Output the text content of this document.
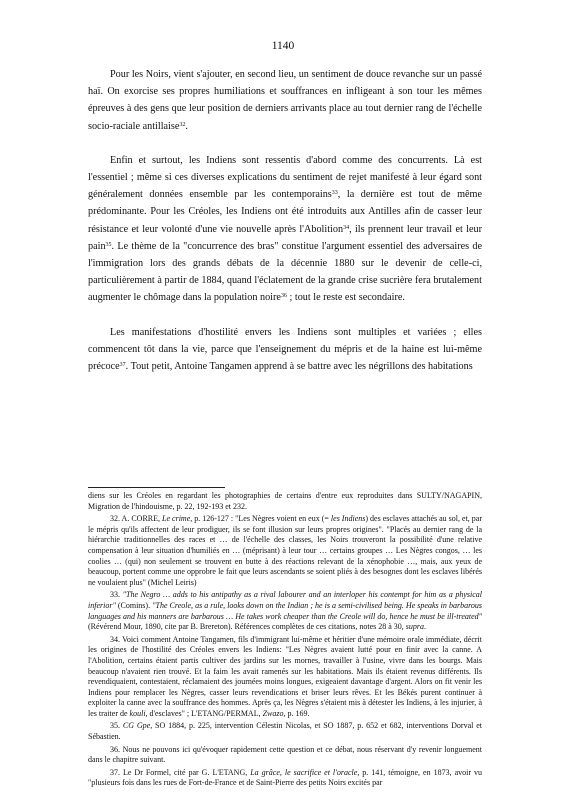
1140

Pour les Noirs, vient s'ajouter, en second lieu, un sentiment de douce revanche sur un passé haï. On exorcise ses propres humiliations et souffrances en infligeant à son tour les mêmes épreuves à des gens que leur position de derniers arrivants place au tout dernier rang de l'échelle socio-raciale antillaise$^{32}$.

Enfin et surtout, les Indiens sont ressentis d'abord comme des concurrents. Là est l'essentiel ; même si ces diverses explications du sentiment de rejet manifesté à leur égard sont généralement données ensemble par les contemporains$^{33}$, la dernière est tout de même prédominante. Pour les Créoles, les Indiens ont été introduits aux Antilles afin de casser leur résistance et leur volonté d'une vie nouvelle après l'Abolition$^{34}$, ils prennent leur travail et leur pain$^{35}$. Le thème de la "concurrence des bras" constitue l'argument essentiel des adversaires de l'immigration lors des grands débats de la décennie 1880 sur le devenir de celle-ci, particulièrement à partir de 1884, quand l'éclatement de la grande crise sucrière fera brutalement augmenter le chômage dans la population noire$^{36}$ ; tout le reste est secondaire.

Les manifestations d'hostilité envers les Indiens sont multiples et variées ; elles commencent tôt dans la vie, parce que l'enseignement du mépris et de la haine est lui-même précoce$^{37}$. Tout petit, Antoine Tangamen apprend à se battre avec les négrillons des habitations

diens sur les Créoles en regardant les photographies de certains d'entre eux reproduites dans SULTY/NAGAPIN, Migration de l'hindouisme, p. 22, 192-193 et 232.

32. A. CORRE, Le crime, p. 126-127 : "Les Nègres voient en eux (= les Indiens) des esclaves attachés au sol, et, par le mépris qu'ils affectent de leur prodiguer, ils se font illusion sur leurs propres origines". "Placés au dernier rang de la hiérarchie traditionnelles des races et … de l'échelle des classes, les Noirs trouveront la possibilité d'une relative compensation à leur situation d'humiliés en … (méprisant) à leur tour … certains groupes … Les Nègres congos, … les coolies … (qui) non seulement se trouvent en butte à des réactions relevant de la xénophobie …, mais, aux yeux de beaucoup, portent comme une opprobre le fait que leurs ascendants se soient pliés à des besognes dont les esclaves libérés ne voulaient plus" (Michel Leiris)

33. "The Negro … adds to his antipathy as a rival labourer and an interloper his contempt for him as a physical inferior" (Comins). "The Creole, as a rule, looks down on the Indian ; he is a semi-civilised being. He speaks in barbarous languages and his manners are barbarous … He takes work cheaper than the Creole will do, hence he must be ill-treated" (Révérend Mour, 1890, cite par B. Brereton). Références complètes de ces citations, notes 28 à 30, supra.

34. Voici comment Antoine Tangamen, fils d'immigrant lui-même et héritier d'une mémoire orale immédiate, décrit les origines de l'hostilité des Créoles envers les Indiens: "Les Nègres avaient lutté pour en finir avec la canne. A l'Abolition, certains étaient partis cultiver des jardins sur les mornes, travailler à l'usine, vivre dans les bourgs. Mais beaucoup n'avaient rien trouvé. Et la faim les avait ramenés sur les habitations. Mais ils étaient revenus différents. Ils revendiquaient, contestaient, réclamaient des journées moins longues, exigeaient davantage d'argent. Alors on fit venir les Indiens pour remplacer les Nègres, casser leurs revendications et briser leurs rêves. Et les Békés purent continuer à exploiter la canne avec la souffrance des hommes. Après ça, les Nègres s'étaient mis à détester les Indiens, à les injurier, à les traiter de kouli, d'esclaves" ; L'ETANG/PERMAL, Zwazo, p. 169.

35. CG Gpe, SO 1884, p. 225, intervention Célestin Nicolas, et SO 1887, p. 652 et 682, interventions Dorval et Sébastien.

36. Nous ne pouvons ici qu'évoquer rapidement cette question et ce débat, nous réservant d'y revenir longuement dans le chapitre suivant.

37. Le Dr Formel, cité par G. L'ETANG, La grâce, le sacrifice et l'oracle, p. 141, témoigne, en 1873, avoir vu "plusieurs fois dans les rues de Fort-de-France et de Saint-Pierre des petits Noirs excités par
